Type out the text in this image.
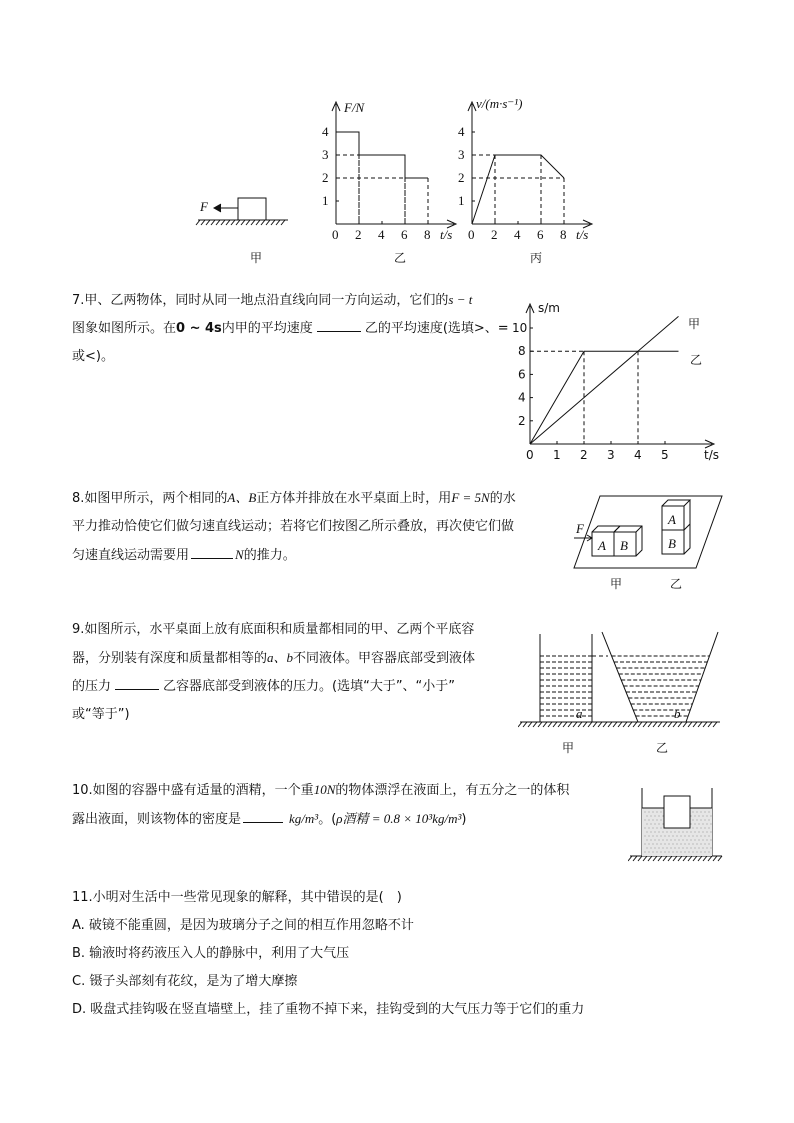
F
甲
F/N
t/s
0 2 4 6 8
1
2
3
4
乙
v/(m·s⁻¹)
t/s
0 2 4 6 8
1
2
3
4
丙

7.甲、乙两物体，同时从同一地点沿直线向同一方向运动，它们的s − t

图象如图所示。在0 ~ 4s内甲的平均速度	乙的平均速度(选填>、=

或<)。

s/m
t/s
0 1 2 3 4 5
2
4
6
8
10	甲
乙

8.如图甲所示，两个相同的A、B正方体并排放在水平桌面上时，用F = 5N的水

平力推动恰使它们做匀速直线运动；若将它们按图乙所示叠放，再次使它们做

匀速直线运动需要用	N的推力。

A B
F
A
B
甲	乙

9.如图所示，水平桌面上放有底面积和质量都相同的甲、乙两个平底容

器，分别装有深度和质量都相等的a、b不同液体。甲容器底部受到液体

的压力	乙容器底部受到液体的压力。(选填“大于”、“小于”

或“等于”)	a	b
甲	乙

10.如图的容器中盛有适量的酒精，一个重10N的物体漂浮在液面上，有五分之一的体积

露出液面，则该物体的密度是	kg/m³。(ρ酒精 = 0.8 × 10³kg/m³)

11.小明对生活中一些常见现象的解释，其中错误的是(　)

A. 破镜不能重圆，是因为玻璃分子之间的相互作用忽略不计

B. 输液时将药液压入人的静脉中，利用了大气压

C. 镊子头部刻有花纹，是为了增大摩擦

D. 吸盘式挂钩吸在竖直墙壁上，挂了重物不掉下来，挂钩受到的大气压力等于它们的重力
